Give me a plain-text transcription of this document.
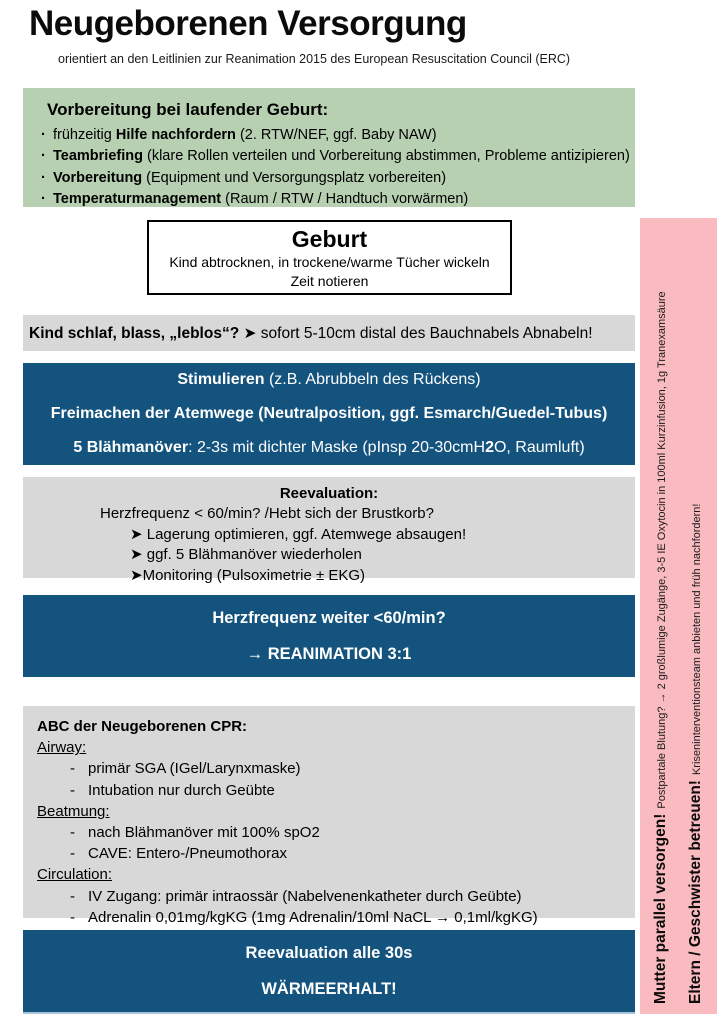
Neugeborenen Versorgung
orientiert an den Leitlinien zur Reanimation 2015 des European Resuscitation Council (ERC)
Vorbereitung bei laufender Geburt:
· frühzeitig Hilfe nachfordern (2. RTW/NEF, ggf. Baby NAW)
· Teambriefing (klare Rollen verteilen und Vorbereitung abstimmen, Probleme antizipieren)
· Vorbereitung (Equipment und Versorgungsplatz vorbereiten)
· Temperaturmanagement (Raum / RTW / Handtuch vorwärmen)
Geburt
Kind abtrocknen, in trockene/warme Tücher wickeln
Zeit notieren
Kind schlaf, blass, „leblos“? ➤ sofort 5-10cm distal des Bauchnabels Abnabeln!
Stimulieren (z.B. Abrubbeln des Rückens)
Freimachen der Atemwege (Neutralposition, ggf. Esmarch/Guedel-Tubus)
5 Blähmanöver: 2-3s mit dichter Maske (pInsp 20-30cmH2O, Raumluft)
Reevaluation:
Herzfrequenz < 60/min? /Hebt sich der Brustkorb?
➤ Lagerung optimieren, ggf. Atemwege absaugen!
➤ ggf. 5 Blähmanöver wiederholen
➤Monitoring (Pulsoximetrie ± EKG)
Herzfrequenz weiter <60/min?
→ REANIMATION 3:1
ABC der Neugeborenen CPR:
Airway:
- primär SGA (IGel/Larynxmaske)
- Intubation nur durch Geübte
Beatmung:
- nach Blähmanöver mit 100% spO2
- CAVE: Entero-/Pneumothorax
Circulation:
- IV Zugang: primär intraossär (Nabelvenenkatheter durch Geübte)
- Adrenalin 0,01mg/kgKG (1mg Adrenalin/10ml NaCL → 0,1ml/kgKG)
Reevaluation alle 30s
WÄRMEERHALT!	Mutter parallel versorgen!Postpartale Blutung? → 2 großlumige Zugänge, 3-5 IE Oxytocin in 100ml Kurzinfusion, 1g Tranexamsäure
Eltern / Geschwister betreuen!Kriseninterventionsteam anbieten und früh nachfordern!
